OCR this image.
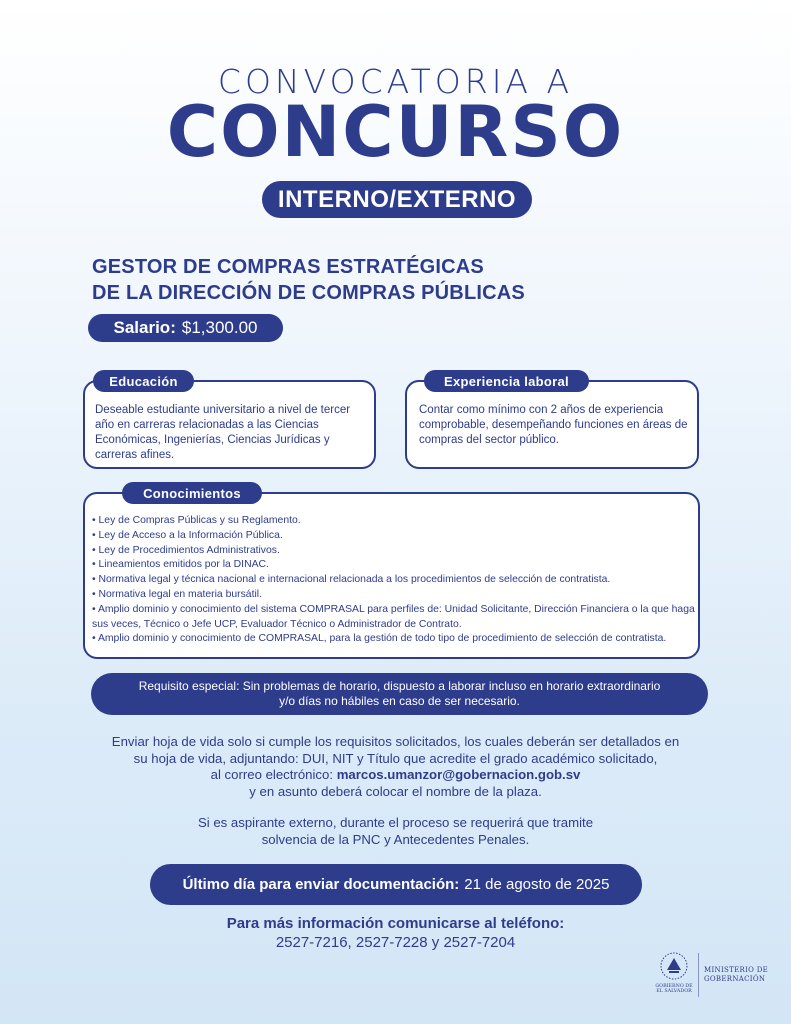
CONVOCATORIA A
CONCURSO
INTERNO/EXTERNO
GESTOR DE COMPRAS ESTRATÉGICAS
DE LA DIRECCIÓN DE COMPRAS PÚBLICAS
Salario: $1,300.00
Educación
Deseable estudiante universitario a nivel de tercer año en carreras relacionadas a las Ciencias Económicas, Ingenierías, Ciencias Jurídicas y carreras afines.
Experiencia laboral
Contar como mínimo con 2 años de experiencia comprobable, desempeñando funciones en áreas de compras del sector público.
Conocimientos
• Ley de Compras Públicas y su Reglamento.
• Ley de Acceso a la Información Pública.
• Ley de Procedimientos Administrativos.
• Lineamientos emitidos por la DINAC.
• Normativa legal y técnica nacional e internacional relacionada a los procedimientos de selección de contratista.
• Normativa legal en materia bursátil.
• Amplio dominio y conocimiento del sistema COMPRASAL para perfiles de: Unidad Solicitante, Dirección Financiera o la que haga sus veces, Técnico o Jefe UCP, Evaluador Técnico o Administrador de Contrato.
• Amplio dominio y conocimiento de COMPRASAL, para la gestión de todo tipo de procedimiento de selección de contratista.
Requisito especial: Sin problemas de horario, dispuesto a laborar incluso en horario extraordinario
y/o días no hábiles en caso de ser necesario.
Enviar hoja de vida solo si cumple los requisitos solicitados, los cuales deberán ser detallados en
su hoja de vida, adjuntando: DUI, NIT y Título que acredite el grado académico solicitado,
al correo electrónico: marcos.umanzor@gobernacion.gob.sv
y en asunto deberá colocar el nombre de la plaza.
Si es aspirante externo, durante el proceso se requerirá que tramite
solvencia de la PNC y Antecedentes Penales.
Último día para enviar documentación: 21 de agosto de 2025
Para más información comunicarse al teléfono:
2527-7216, 2527-7228 y 2527-7204
GOBIERNO DE
EL SALVADOR
MINISTERIO DE
GOBERNACIÓN
